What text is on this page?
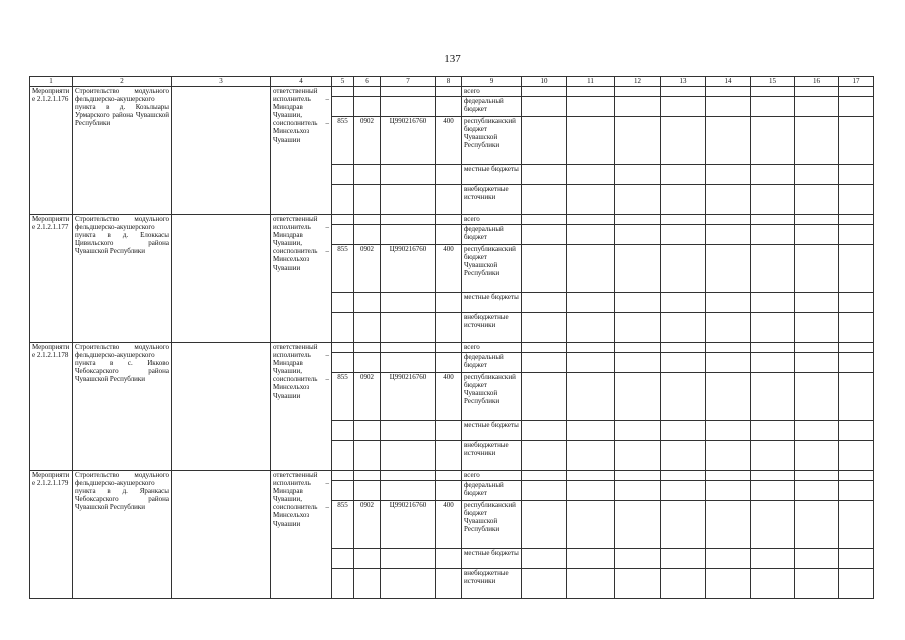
137
1	2	3	4	5	6	7	8	9	10	11	12	13	14	15	16	17
Мероприятие 2.1.2.1.176	Строительство модульного фельдшерско-акушерского пункта в д. Козьлыары Урмарского района Чувашской Республики		ответственный исполнитель – Минздрав Чувашии, соисполнитель – Минсельхоз Чувашии					всего								
								федеральный бюджет								
				855	0902	Ц990216760	400	республиканский бюджет Чувашской Республики								
								местные бюджеты								
								внебюджетные источники								
Мероприятие 2.1.2.1.177	Строительство модульного фельдшерско-акушерского пункта в д. Елоккасы Цивильского района Чувашской Республики		ответственный исполнитель – Минздрав Чувашии, соисполнитель – Минсельхоз Чувашии					всего								
								федеральный бюджет								
				855	0902	Ц990216760	400	республиканский бюджет Чувашской Республики								
								местные бюджеты								
								внебюджетные источники								
Мероприятие 2.1.2.1.178	Строительство модульного фельдшерско-акушерского пункта в с. Икково Чебоксарского района Чувашской Республики		ответственный исполнитель – Минздрав Чувашии, соисполнитель – Минсельхоз Чувашии					всего								
								федеральный бюджет								
				855	0902	Ц990216760	400	республиканский бюджет Чувашской Республики								
								местные бюджеты								
								внебюджетные источники								
Мероприятие 2.1.2.1.179	Строительство модульного фельдшерско-акушерского пункта в д. Яранкасы Чебоксарского района Чувашской Республики		ответственный исполнитель – Минздрав Чувашии, соисполнитель – Минсельхоз Чувашии					всего								
								федеральный бюджет								
				855	0902	Ц990216760	400	республиканский бюджет Чувашской Республики								
								местные бюджеты								
								внебюджетные источники								
